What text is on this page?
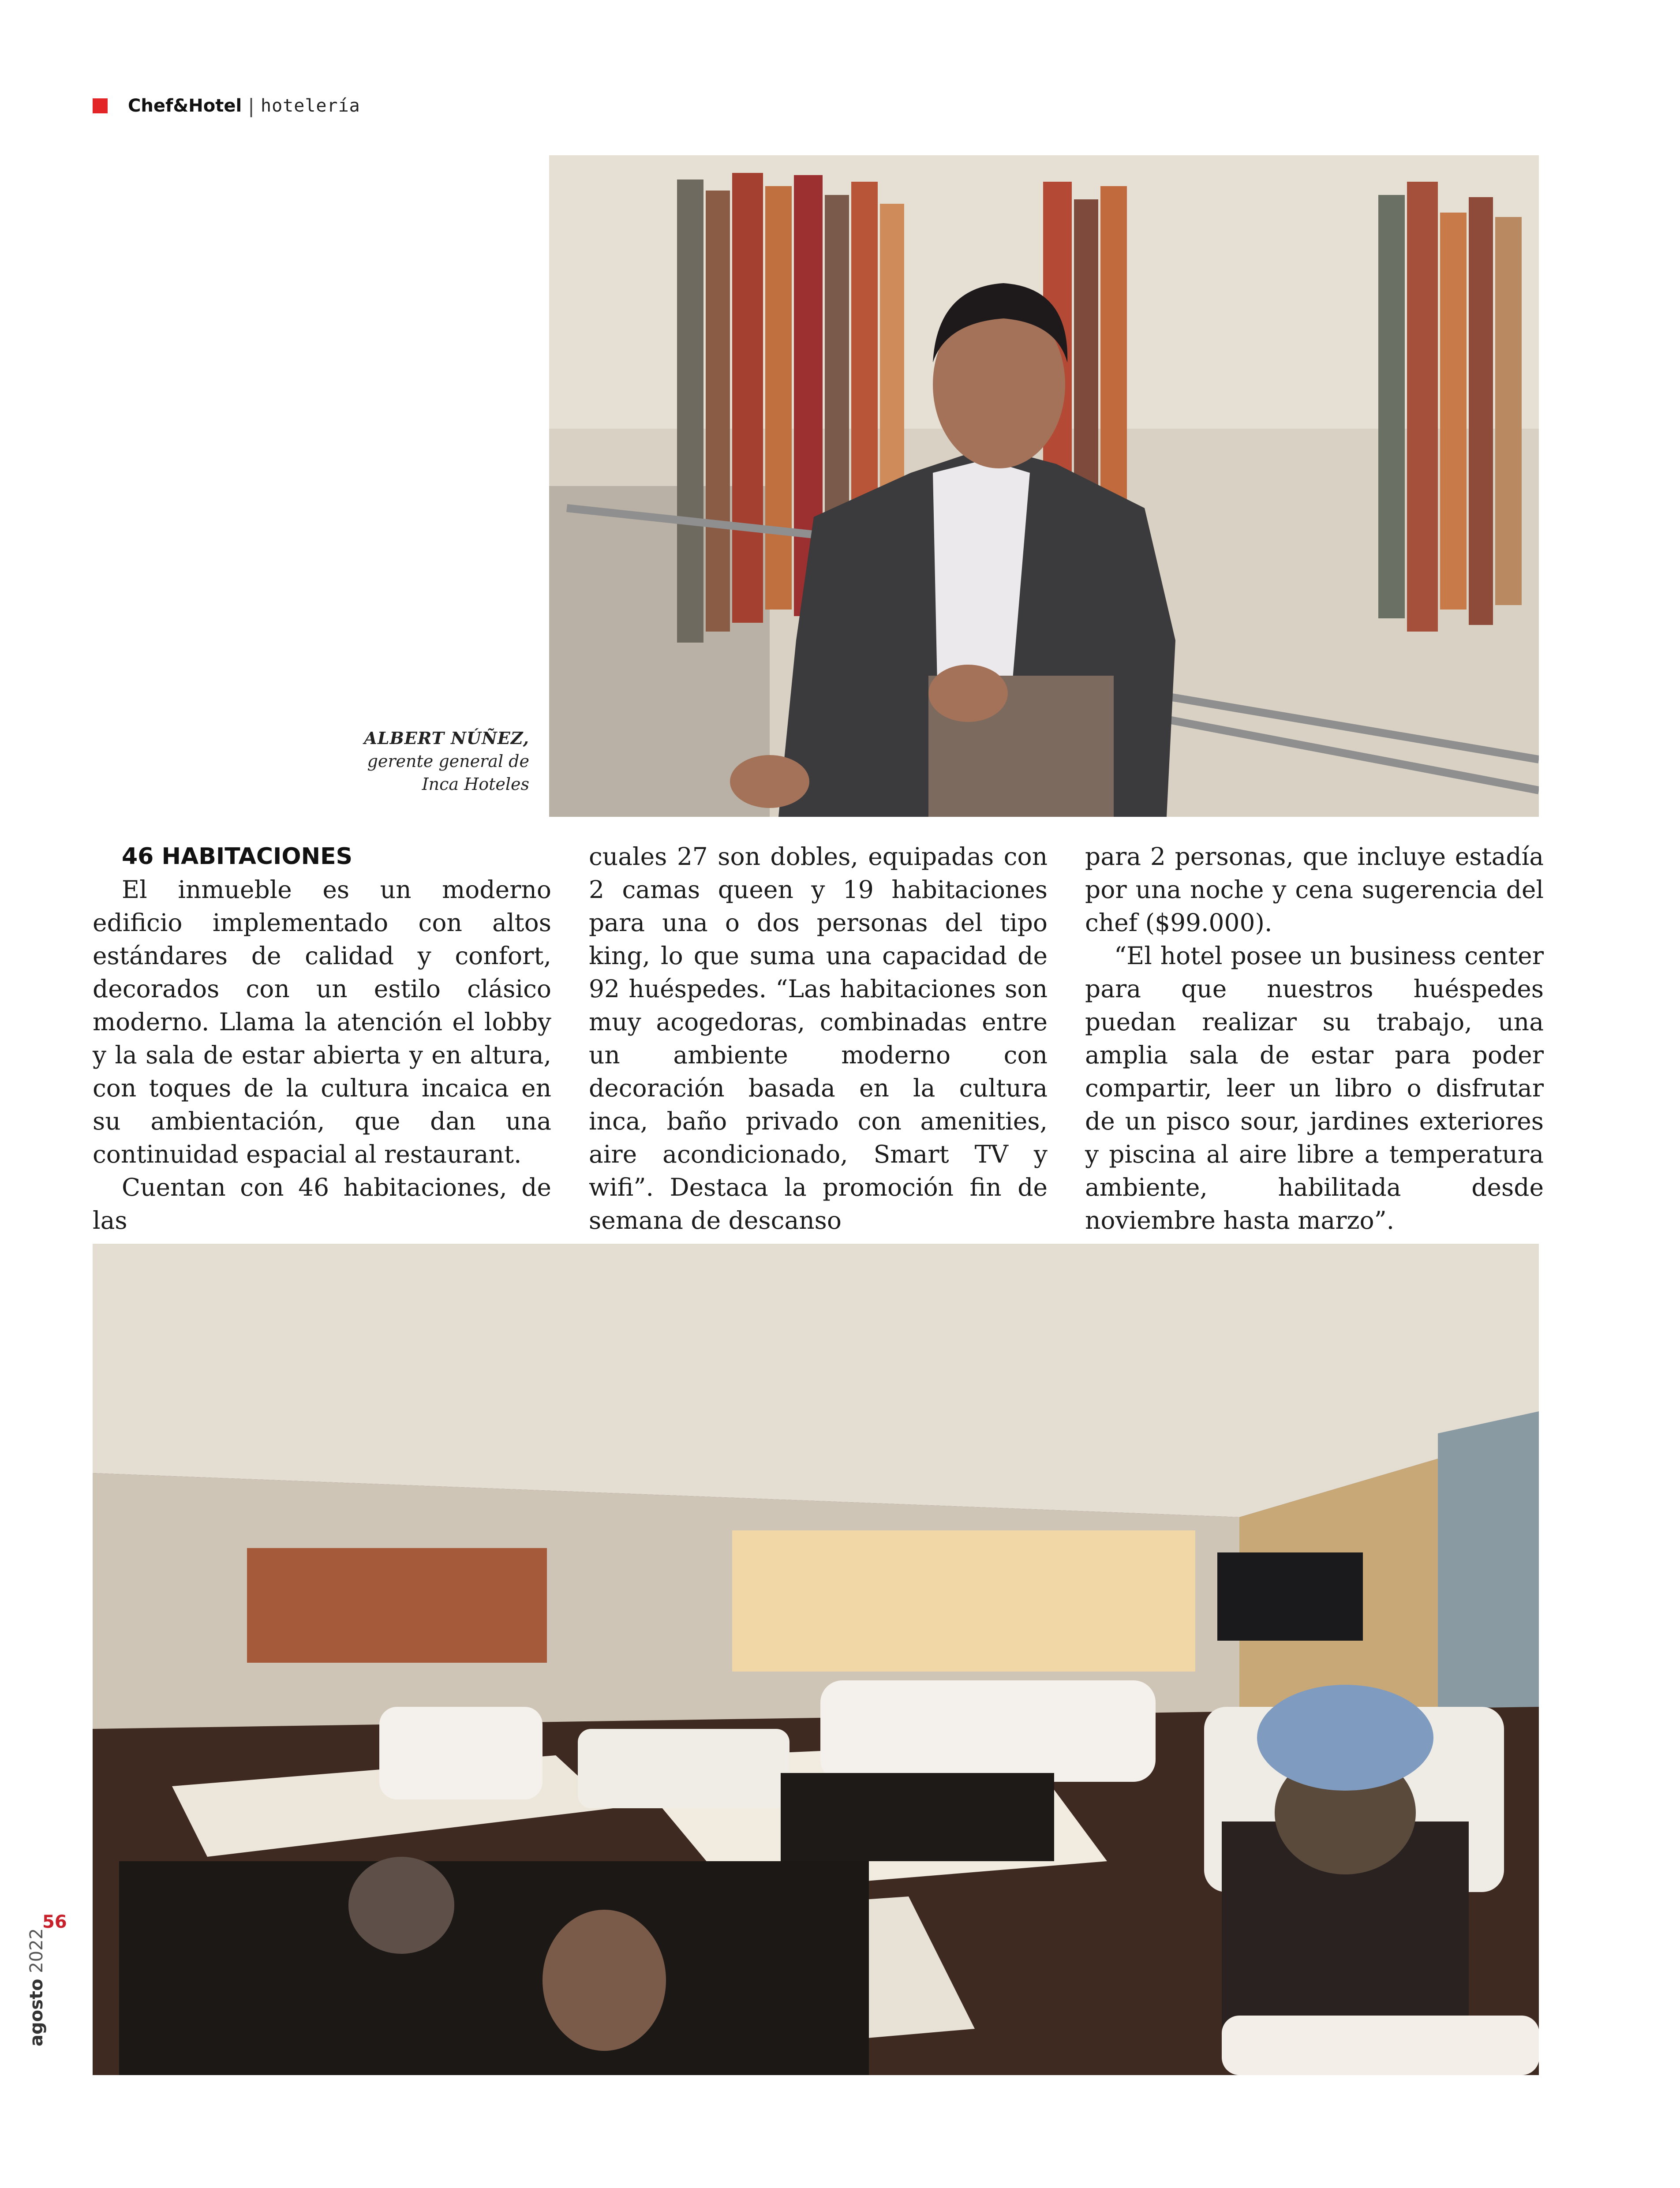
Chef&Hotel | hotelería
ALBERT NÚÑEZ,
gerente general de
Inca Hoteles
46 HABITACIONES

El inmueble es un moderno edificio implementado con altos estándares de calidad y confort, decorados con un estilo clásico moderno. Llama la atención el lobby y la sala de estar abierta y en altura, con toques de la cultura incaica en su ambientación, que dan una continuidad espacial al restaurant.

Cuentan con 46 habitaciones, de las

cuales 27 son dobles, equipadas con 2 camas queen y 19 habitaciones para una o dos personas del tipo king, lo que suma una capacidad de 92 huéspedes. “Las habitaciones son muy acogedoras, combinadas entre un ambiente moderno con decoración basada en la cultura inca, baño privado con amenities, aire acondicionado, Smart TV y wifi”. Destaca la promoción fin de semana de descanso

para 2 personas, que incluye estadía por una noche y cena sugerencia del chef ($99.000).

“El hotel posee un business center para que nuestros huéspedes puedan realizar su trabajo, una amplia sala de estar para poder compartir, leer un libro o disfrutar de un pisco sour, jardines exteriores y piscina al aire libre a temperatura ambiente, habilitada desde noviembre hasta marzo”.

56
agosto 2022
